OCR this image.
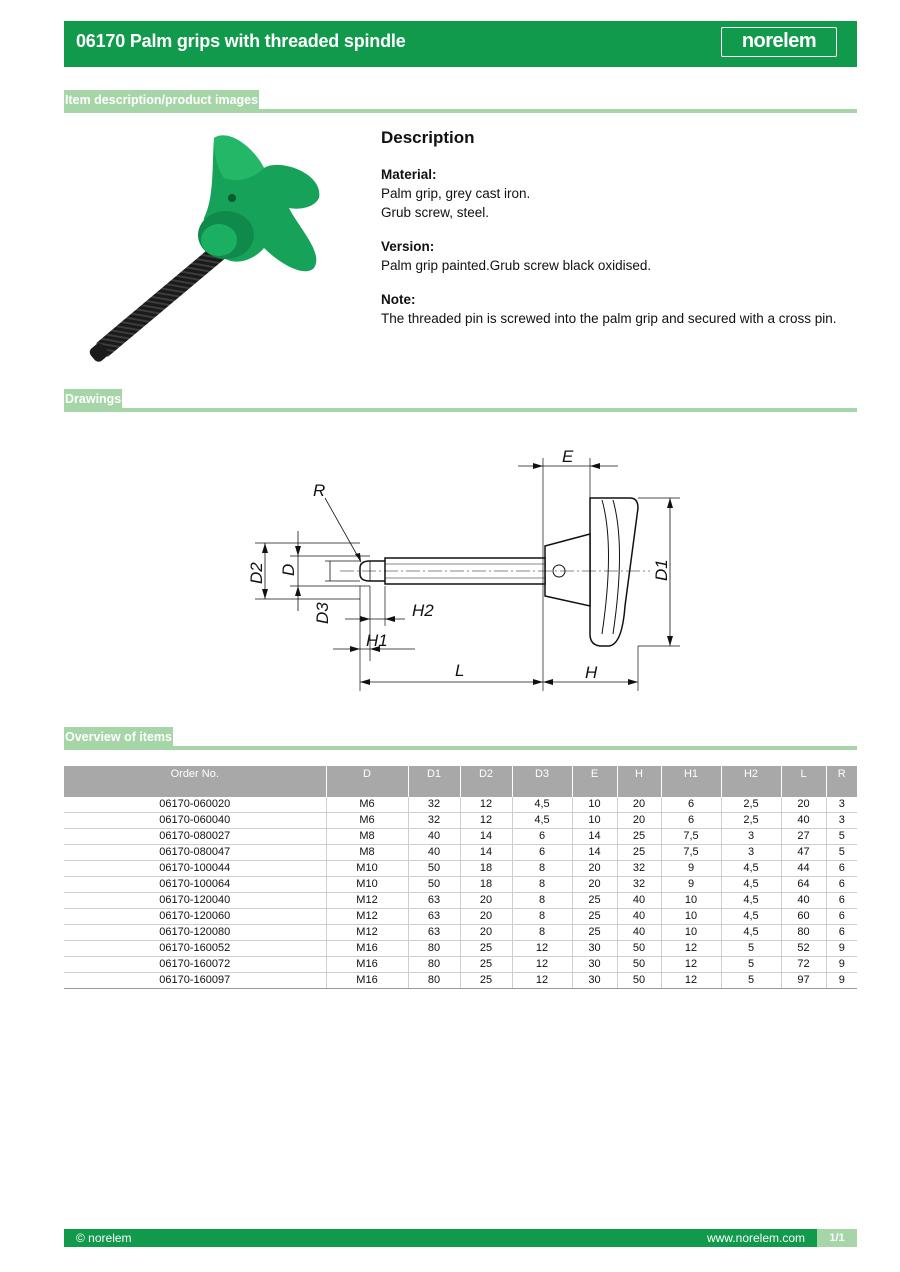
06170 Palm grips with threaded spindle	norelem
Item description/product images
Description
Material:
Palm grip, grey cast iron.
Grub screw, steel.
Version:
Palm grip painted.Grub screw black oxidised.
Note:
The threaded pin is screwed into the palm grip and secured with a cross pin.
Drawings
E
R
D2 D
D3	H2
H1
L	H
D1
Overview of items
Order No.	D	D1	D2	D3	E	H	H1	H2	L	R
06170-060020	M6	32	12	4,5	10	20	6	2,5	20	3
06170-060040	M6	32	12	4,5	10	20	6	2,5	40	3
06170-080027	M8	40	14	6	14	25	7,5	3	27	5
06170-080047	M8	40	14	6	14	25	7,5	3	47	5
06170-100044	M10	50	18	8	20	32	9	4,5	44	6
06170-100064	M10	50	18	8	20	32	9	4,5	64	6
06170-120040	M12	63	20	8	25	40	10	4,5	40	6
06170-120060	M12	63	20	8	25	40	10	4,5	60	6
06170-120080	M12	63	20	8	25	40	10	4,5	80	6
06170-160052	M16	80	25	12	30	50	12	5	52	9
06170-160072	M16	80	25	12	30	50	12	5	72	9
06170-160097	M16	80	25	12	30	50	12	5	97	9
© norelem	www.norelem.com	1/1
